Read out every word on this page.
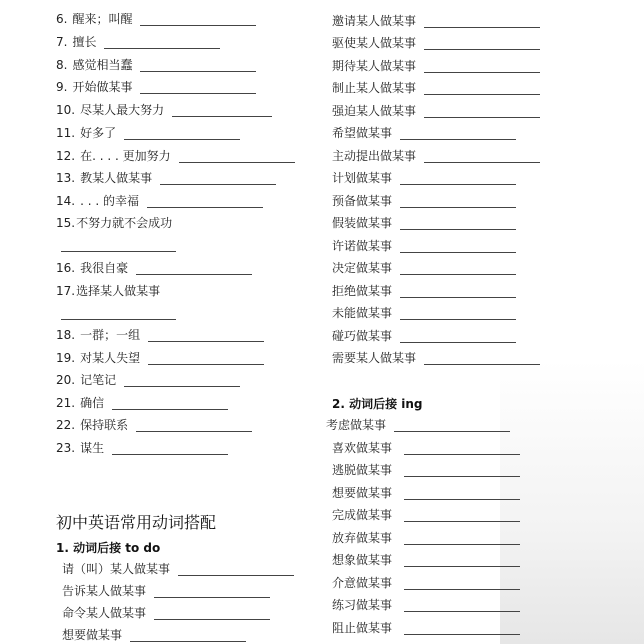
6. 醒来；叫醒
7. 擅长
8. 感觉相当蠢
9. 开始做某事
10. 尽某人最大努力
11. 好多了
12. 在. . . . 更加努力
13. 教某人做某事
14. . . . 的幸福
15. 不努力就不会成功
16. 我很自豪
17. 选择某人做某事
18. 一群；一组
19. 对某人失望
20. 记笔记
21. 确信
22. 保持联系
23. 谋生
初中英语常用动词搭配
1. 动词后接 to do
请（叫）某人做某事
告诉某人做某事
命令某人做某事
想要做某事
邀请某人做某事
驱使某人做某事
期待某人做某事
制止某人做某事
强迫某人做某事
希望做某事
主动提出做某事
计划做某事
预备做某事
假装做某事
许诺做某事
决定做某事
拒绝做某事
未能做某事
碰巧做某事
需要某人做某事
2. 动词后接 ing
考虑做某事
喜欢做某事
逃脱做某事
想要做某事
完成做某事
放弃做某事
想象做某事
介意做某事
练习做某事
阻止做某事
